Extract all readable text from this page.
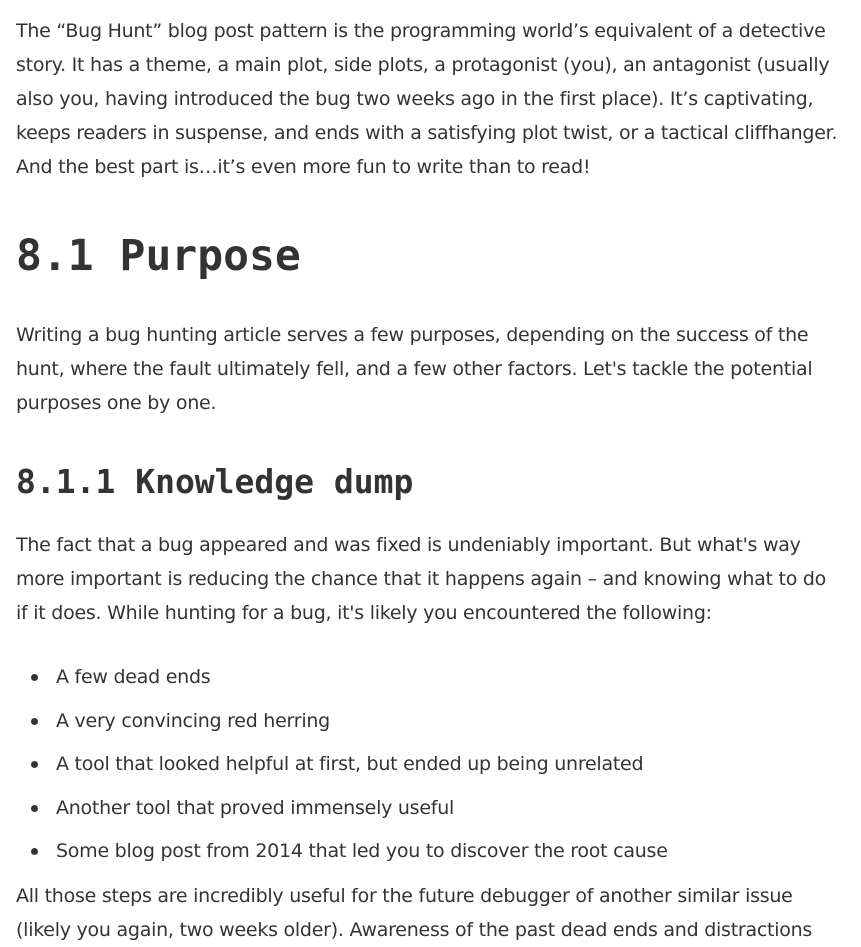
The “Bug Hunt” blog post pattern is the programming world’s equivalent of a detective story. It has a theme, a main plot, side plots, a protagonist (you), an antagonist (usually also you, having introduced the bug two weeks ago in the first place). It’s captivating, keeps readers in suspense, and ends with a satisfying plot twist, or a tactical cliffhanger. And the best part is…it’s even more fun to write than to read!

8.1 Purpose

Writing a bug hunting article serves a few purposes, depending on the success of the hunt, where the fault ultimately fell, and a few other factors. Let's tackle the potential purposes one by one.

8.1.1 Knowledge dump

The fact that a bug appeared and was fixed is undeniably important. But what's way more important is reducing the chance that it happens again – and knowing what to do if it does. While hunting for a bug, it's likely you encountered the following:

A few dead ends
A very convincing red herring
A tool that looked helpful at first, but ended up being unrelated
Another tool that proved immensely useful
Some blog post from 2014 that led you to discover the root cause

All those steps are incredibly useful for the future debugger of another similar issue (likely you again, two weeks older). Awareness of the past dead ends and distractions
